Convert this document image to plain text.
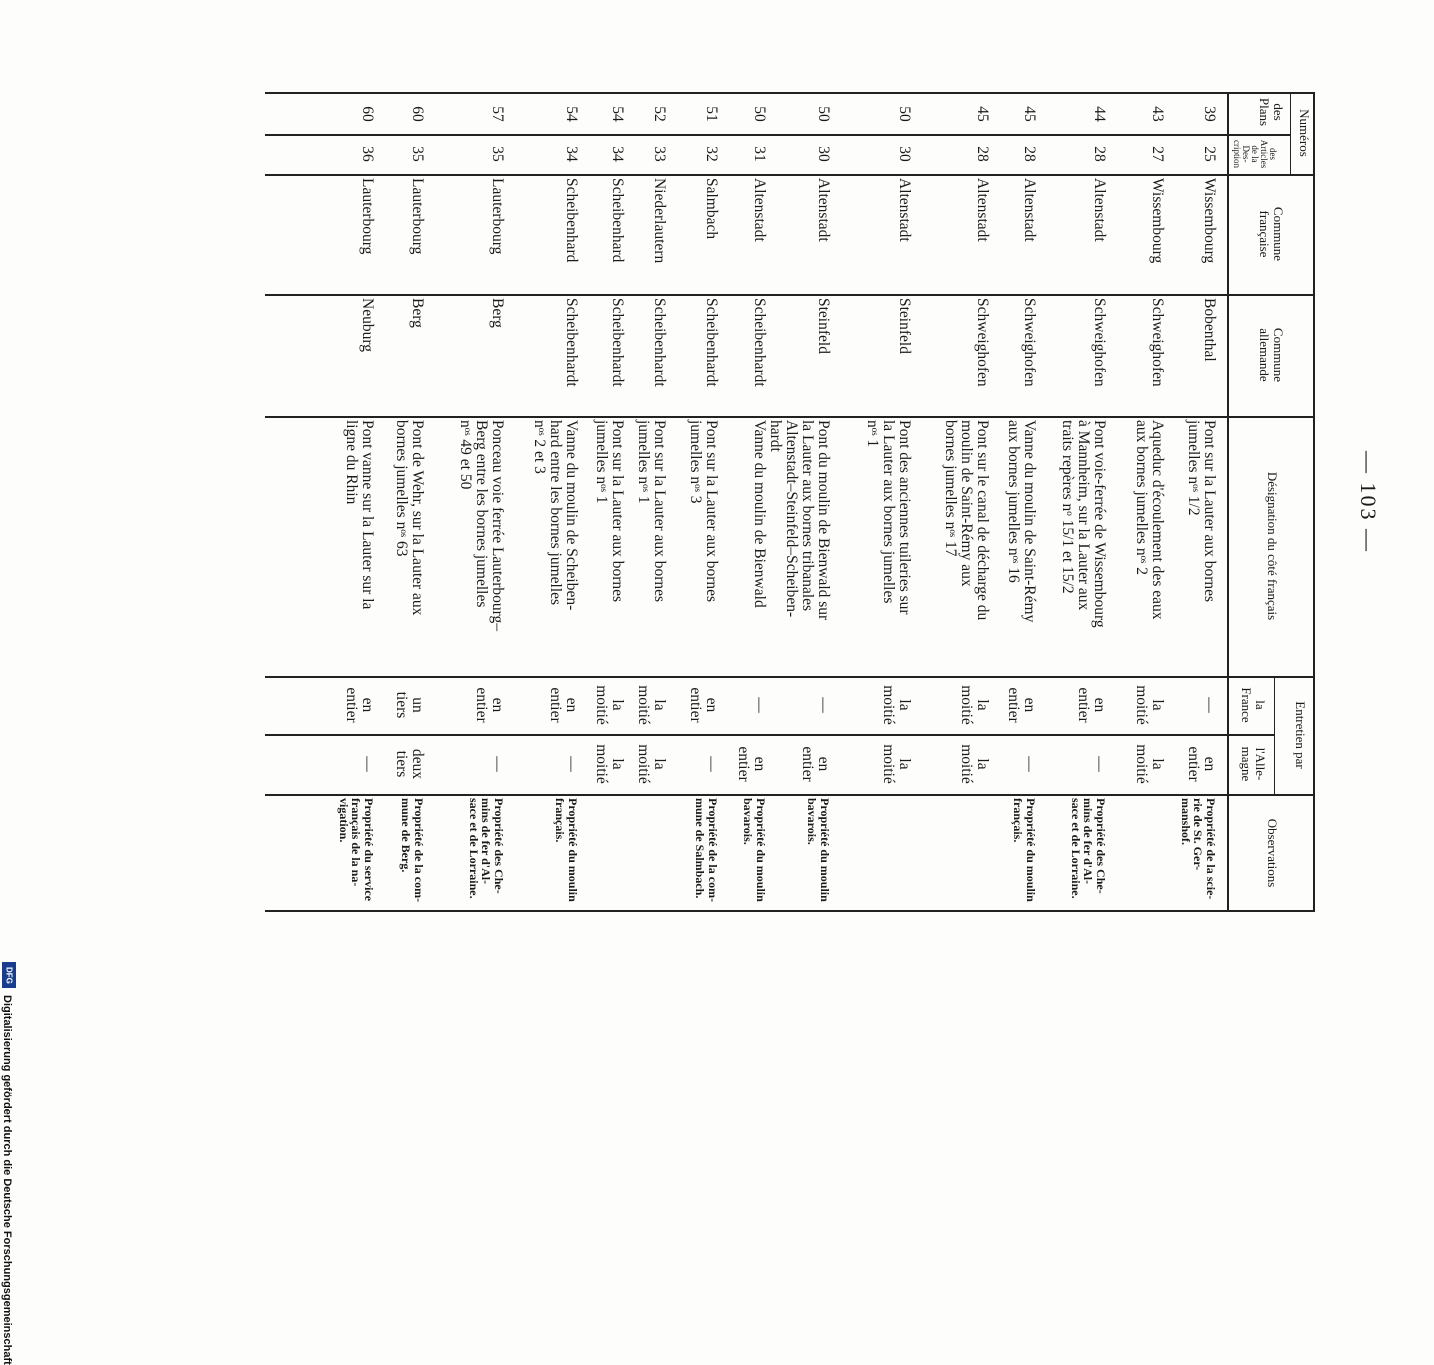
— 103 —
Numéros
des
Plans
des
Articles
de la
Des-
cription
Commune
française
Commune
allemande
Désignation du côté français
Entretien par
la
France
l'Alle-
magne
Observations
39
25
Wissembourg
Bobenthal
Pont sur la Lauter aux bornes
jumelles nᵒˢ 1/2
—
en
entier
Propriété de la scie-
rie de St. Ger-
manshof.
43
27
Wissembourg
Schweighofen
Aqueduc d'écoulement des eaux
aux bornes jumelles nᵒˢ 2
la
moitié
la
moitié
44
28
Altenstadt
Schweighofen
Pont voie-ferrée de Wissembourg
à Mannheim, sur la Lauter aux
traits repères nᵒ 15/1 et 15/2
en
entier
—
Propriété des Che-
mins de fer d'Al-
sace et de Lorraine.
45
28
Altenstadt
Schweighofen
Vanne du moulin de Saint-Rémy
aux bornes jumelles nᵒˢ 16
en
entier
—
Propriété du moulin
français.
45
28
Altenstadt
Schweighofen
Pont sur le canal de décharge du
moulin de Saint-Rémy aux
bornes jumelles nᵒˢ 17
la
moitié
la
moitié
50
30
Altenstadt
Steinfeld
Pont des anciennes tuileries sur
la Lauter aux bornes jumelles
nᵒˢ 1
la
moitié
la
moitié
50
30
Altenstadt
Steinfeld
Pont du moulin de Bienwald sur
la Lauter aux bornes tribanales
Altenstadt–Steinfeld–Scheiben-
hardt
—
en
entier
Propriété du moulin
bavarois.
50
31
Altenstadt
Scheibenhardt
Vanne du moulin de Bienwald
—
en
entier
Propriété du moulin
bavarois.
51
32
Salmbach
Scheibenhardt
Pont sur la Lauter aux bornes
jumelles nᵒˢ 3
en
entier
—
Propriété de la com-
mune de Salmbach.
52
33
Niederlautern
Scheibenhardt
Pont sur la Lauter aux bornes
jumelles nᵒˢ 1
la
moitié
la
moitié
54
34
Scheibenhard
Scheibenhardt
Pont sur la Lauter aux bornes
jumelles nᵒˢ 1
la
moitié
la
moitié
54
34
Scheibenhard
Scheibenhardt
Vanne du moulin de Scheiben-
hard entre les bornes jumelles
nᵒˢ 2 et 3
en
entier
—
Propriété du moulin
français.
57
35
Lauterbourg
Berg
Ponceau voie ferrée Lauterbourg–
Berg entre les bornes jumelles
nᵒˢ 49 et 50
en
entier
—
Propriété des Che-
mins de fer d'Al-
sace et de Lorraine.
60
35
Lauterbourg
Berg
Pont de Wehr, sur la Lauter aux
bornes jumelles nᵒˢ 63
un
tiers
deux
tiers
Propriété de la com-
mune de Berg.
60
36
Lauterbourg
Neuburg
Pont vanne sur la Lauter sur la
ligne du Rhin
en
entier
—
Propriété du service
français de la na-
vigation.
Digitalisierung gefördert durch die Deutsche Forschungsgemeinschaft
DFG
